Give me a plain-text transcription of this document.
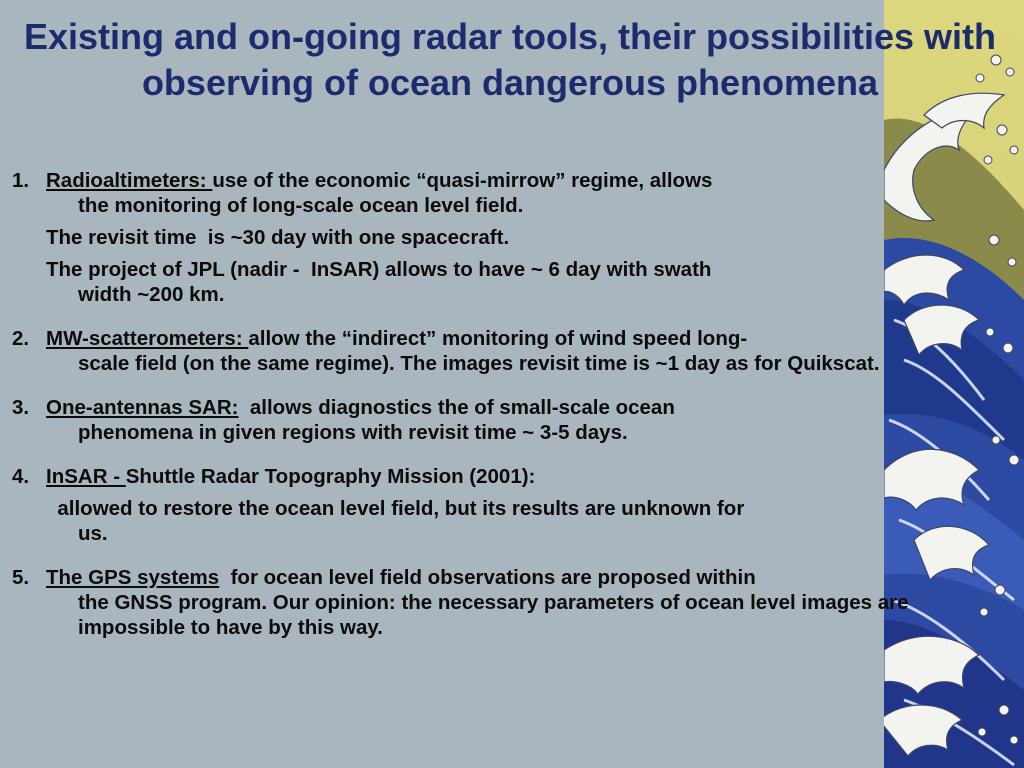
Existing and on-going radar tools, their possibilities with observing of ocean dangerous phenomena
1. Radioaltimeters: use of the economic “quasi-mirrow” regime, allows
the monitoring of long-scale ocean level field.
The revisit time  is ~30 day with one spacecraft.
The project of JPL (nadir -  InSAR) allows to have ~ 6 day with swath
width ~200 km.
2. MW-scatterometers: allow the “indirect” monitoring of wind speed long-
scale field (on the same regime). The images revisit time is ~1 day as for Quikscat.
3. One-antennas SAR:  allows diagnostics the of small-scale ocean
phenomena in given regions with revisit time ~ 3-5 days.
4. InSAR - Shuttle Radar Topography Mission (2001):
allowed to restore the ocean level field, but its results are unknown for
us.
5. The GPS systems  for ocean level field observations are proposed within
the GNSS program. Our opinion: the necessary parameters of ocean level images are impossible to have by this way.
